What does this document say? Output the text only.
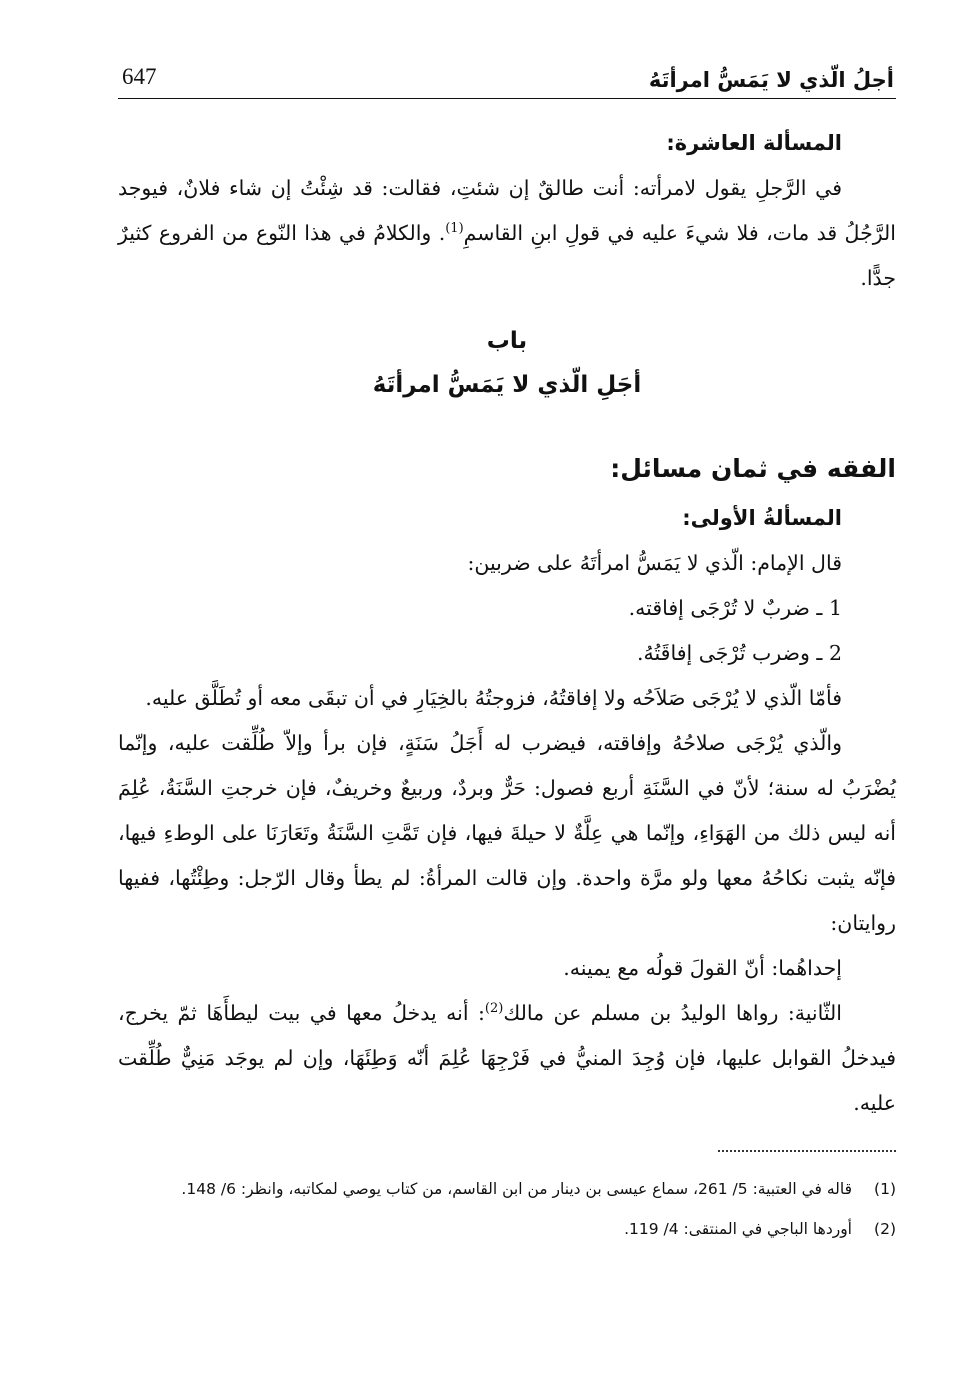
أجلُ الّذي لا يَمَسُّ امرأتَهُ
647
المسألة العاشرة:

في الرَّجلِ يقول لامرأته: أنت طالقٌ إن شئتِ، فقالت: قد شِئْتُ إن شاء فلانٌ، فيوجد الرَّجُلُ قد مات، فلا شيءَ عليه في قولِ ابنِ القاسمِ$^{(1)}$. والكلامُ في هذا النّوع من الفروع كثيرٌ جدًّا.

باب
أجَلِ الّذي لا يَمَسُّ امرأتَهُ
الفقه في ثمان مسائل:
المسألةُ الأولى:

قال الإمام: الّذي لا يَمَسُّ امرأتَهُ على ضربين:

1 ـ ضربٌ لا تُرْجَى إفاقته.
2 ـ وضرب تُرْجَى إفاقَتُهُ.

فأمّا الّذي لا يُرْجَى صَلاَحُه ولا إفاقتُهُ، فزوجتُهُ بالخِيَارِ في أن تبقَى معه أو تُطَلَّق عليه.

والّذي يُرْجَى صلاحُهُ وإفاقته، فيضرب له أَجَلُ سَنَةٍ، فإن برأ وإلاّ طُلِّقت عليه، وإنّما يُضْرَبُ له سنة؛ لأنّ في السَّنَةِ أربع فصول: حَرٌّ وبردٌ، وربيعٌ وخريفٌ، فإن خرجتِ السَّنَةُ، عُلِمَ أنه ليس ذلك من الهَوَاءِ، وإنّما هي عِلَّةٌ لا حيلةَ فيها، فإن تَمَّتِ السَّنَةُ وتَعَارَنَا على الوطءِ فيها، فإنّه يثبت نكاحُهُ معها ولو مرَّة واحدة. وإن قالت المرأةُ: لم يطأ وقال الرّجل: وطِئْتُها، ففيها روايتان:

إحداهُما: أنّ القولَ قولُه مع يمينه.

الثّانية: رواها الوليدُ بن مسلم عن مالك$^{(2)}$: أنه يدخلُ معها في بيت ليطأَهَا ثمّ يخرج، فيدخلُ القوابل عليها، فإن وُجِدَ المنيُّ في فَرْجِهَا عُلِمَ أنّه وَطِئَهَا، وإن لم يوجَد مَنِيٌّ طُلِّقت عليه.

(1)
قاله في العتبية: 5/ 261، سماع عيسى بن دينار من ابن القاسم، من كتاب يوصي لمكاتبه، وانظر: 6/ 148.
(2)
أوردها الباجي في المنتقى: 4/ 119.
